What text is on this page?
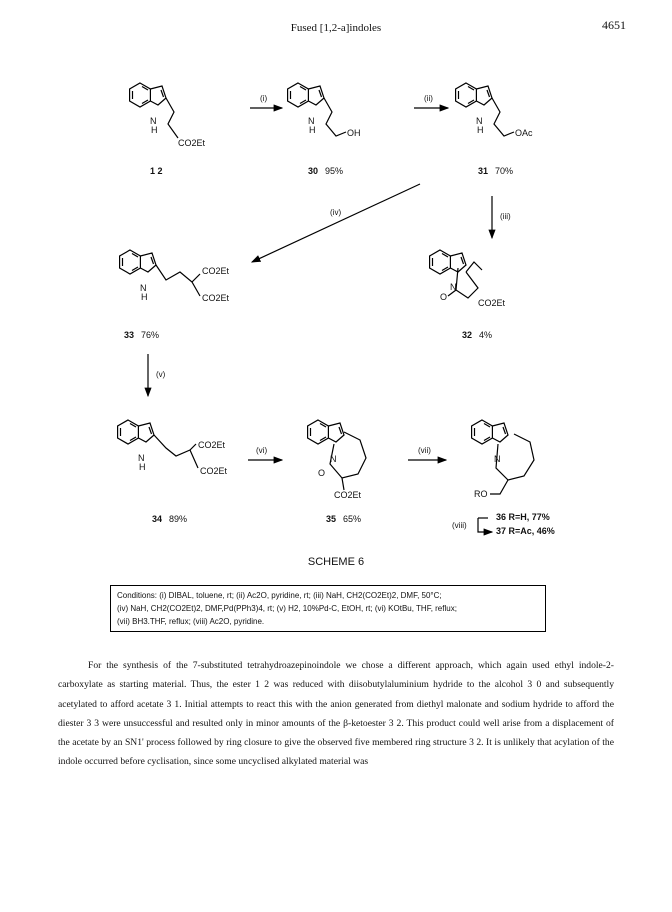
Fused [1,2-a]indoles	4651
N
H
CO2Et
N
H	OH
N
H	OAc
N
H
CO2Et
CO2Et
N
O
CO2Et
N
H
CO2Et
CO2Et
N
O
CO2Et
N
RO
(i)	(ii)
(iii)
(iv)
(v)
(vi)	(vii)
(viii)
1 2	30 95%	31 70%
32 4%
33 76%
34 89%	35 65%	36 R=H, 77%
37 R=Ac, 46%
SCHEME 6
Conditions: (i) DIBAL, toluene, rt; (ii) Ac2O, pyridine, rt; (iii) NaH, CH2(CO2Et)2, DMF, 50°C;
(iv) NaH, CH2(CO2Et)2, DMF,Pd(PPh3)4, rt; (v) H2, 10%Pd-C, EtOH, rt; (vi) KOtBu, THF, reflux;
(vii) BH3.THF, reflux; (viii) Ac2O, pyridine.

For the synthesis of the 7-substituted tetrahydroazepinoindole we chose a different approach, which again used ethyl indole-2-carboxylate as starting material. Thus, the ester 1 2 was reduced with diisobutylaluminium hydride to the alcohol 3 0 and subsequently acetylated to afford acetate 3 1. Initial attempts to react this with the anion generated from diethyl malonate and sodium hydride to afford the diester 3 3 were unsuccessful and resulted only in minor amounts of the β-ketoester 3 2. This product could well arise from a displacement of the acetate by an SN1' process followed by ring closure to give the observed five membered ring structure 3 2. It is unlikely that acylation of the indole occurred before cyclisation, since some uncyclised alkylated material was
